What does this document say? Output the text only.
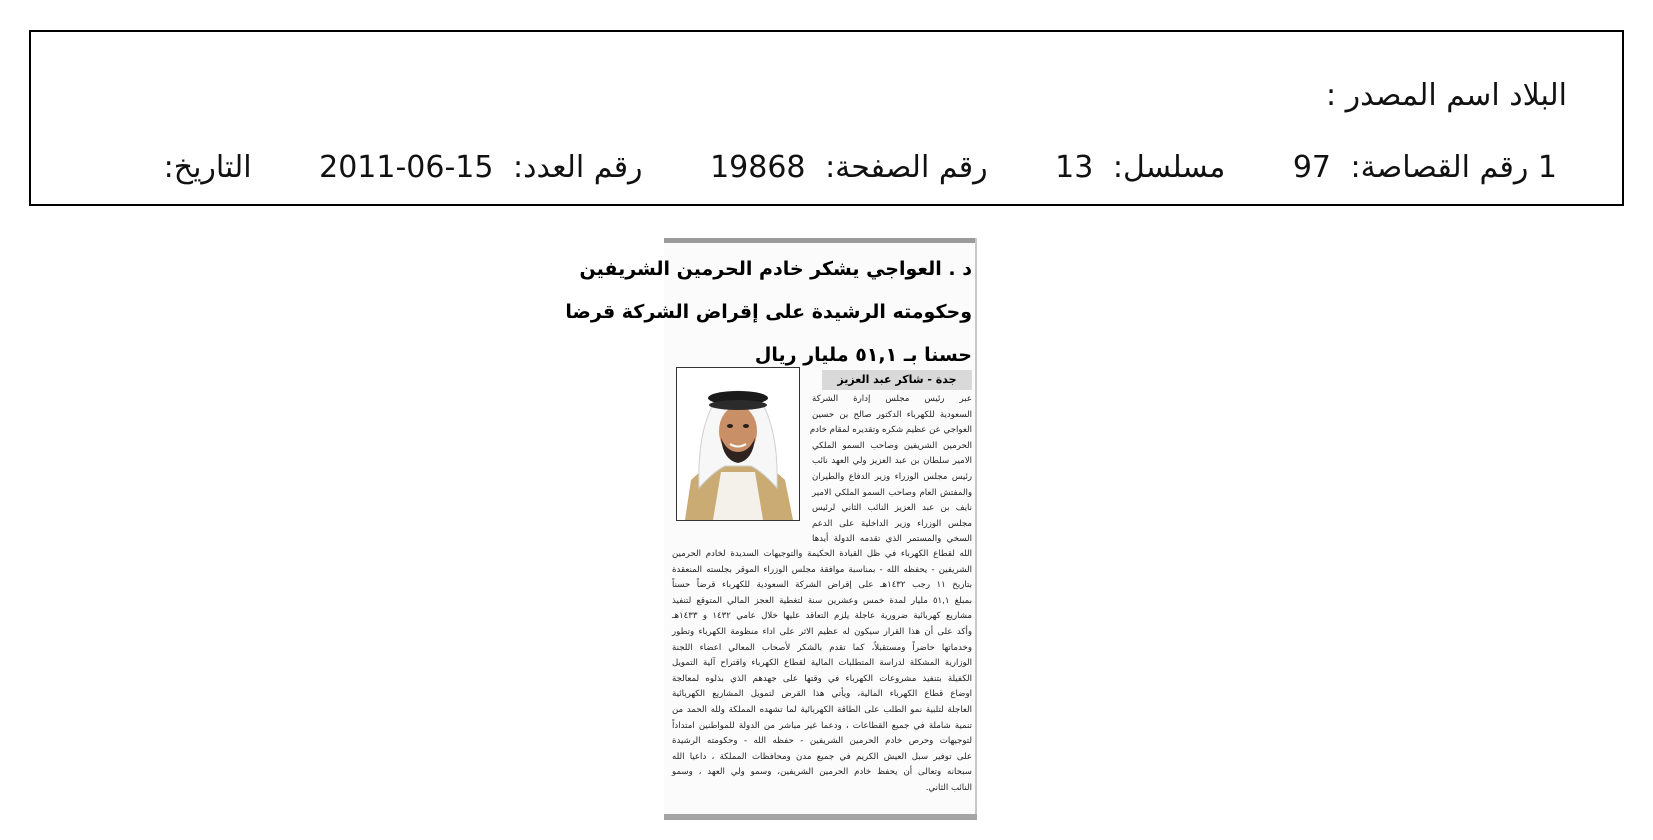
اسم المصدر : البلاد
التاريخ: 2011-06-15 رقم العدد: 19868 رقم الصفحة: 13 مسلسل: 97 رقم القصاصة: 1
د . العواجي يشكر خادم الحرمين الشريفين
وحكومته الرشيدة على إقراض الشركة قرضا
حسنا بـ ٥١,١ مليار ريال
جدة - شاكر عبد العزيز
عبر رئيس مجلس إدارة الشركة
السعودية للكهرباء الدكتور صالح بن حسين
العواجي عن عظيم شكره وتقديره لمقام خادم
الحرمين الشريفين وصاحب السمو الملكي
الامير سلطان بن عبد العزيز ولي العهد نائب
رئيس مجلس الوزراء وزير الدفاع والطيران
والمفتش العام وصاحب السمو الملكي الامير
نايف بن عبد العزيز النائب الثاني لرئيس
مجلس الوزراء وزير الداخلية على الدعم
السخي والمستمر الذي تقدمه الدولة أيدها
الله لقطاع الكهرباء في ظل القيادة الحكيمة والتوجيهات السديدة لخادم الحرمين
الشريفين - يحفظه الله - بمناسبة موافقة مجلس الوزراء الموقر بجلسته المنعقدة
بتاريخ ١١ رجب ١٤٣٢هـ على إقراض الشركة السعودية للكهرباء قرضاً حسناً
بمبلغ ٥١,١ مليار لمدة خمس وعشرين سنة لتغطية العجز المالي المتوقع لتنفيذ
مشاريع كهربائية ضرورية عاجلة يلزم التعاقد عليها خلال عامي ١٤٣٢ و ١٤٣٣هـ
وأكد على أن هذا القرار سيكون له عظيم الاثر على اداء منظومة الكهرباء وتطور
وخدماتها حاضراً ومستقبلاً، كما تقدم بالشكر لأصحاب المعالي اعضاء اللجنة
الوزارية المشكلة لدراسة المتطلبات المالية لقطاع الكهرباء واقتراح آلية التمويل
الكفيلة بتنفيذ مشروعات الكهرباء في وقتها على جهدهم الذي بذلوه لمعالجة
اوضاع قطاع الكهرباء المالية، ويأتي هذا القرض لتمويل المشاريع الكهربائية
العاجلة لتلبية نمو الطلب على الطاقة الكهربائية لما تشهده المملكة ولله الحمد من
تنمية شاملة في جميع القطاعات ، ودعما غير مباشر من الدولة للمواطنين امتداداً
لتوجيهات وحرص خادم الحرمين الشريفين - حفظه الله - وحكومته الرشيدة
على توفير سبل العيش الكريم في جميع مدن ومحافظات المملكة ، داعيا الله
سبحانه وتعالى أن يحفظ خادم الحرمين الشريفين، وسمو ولي العهد ، وسمو
النائب الثاني.
